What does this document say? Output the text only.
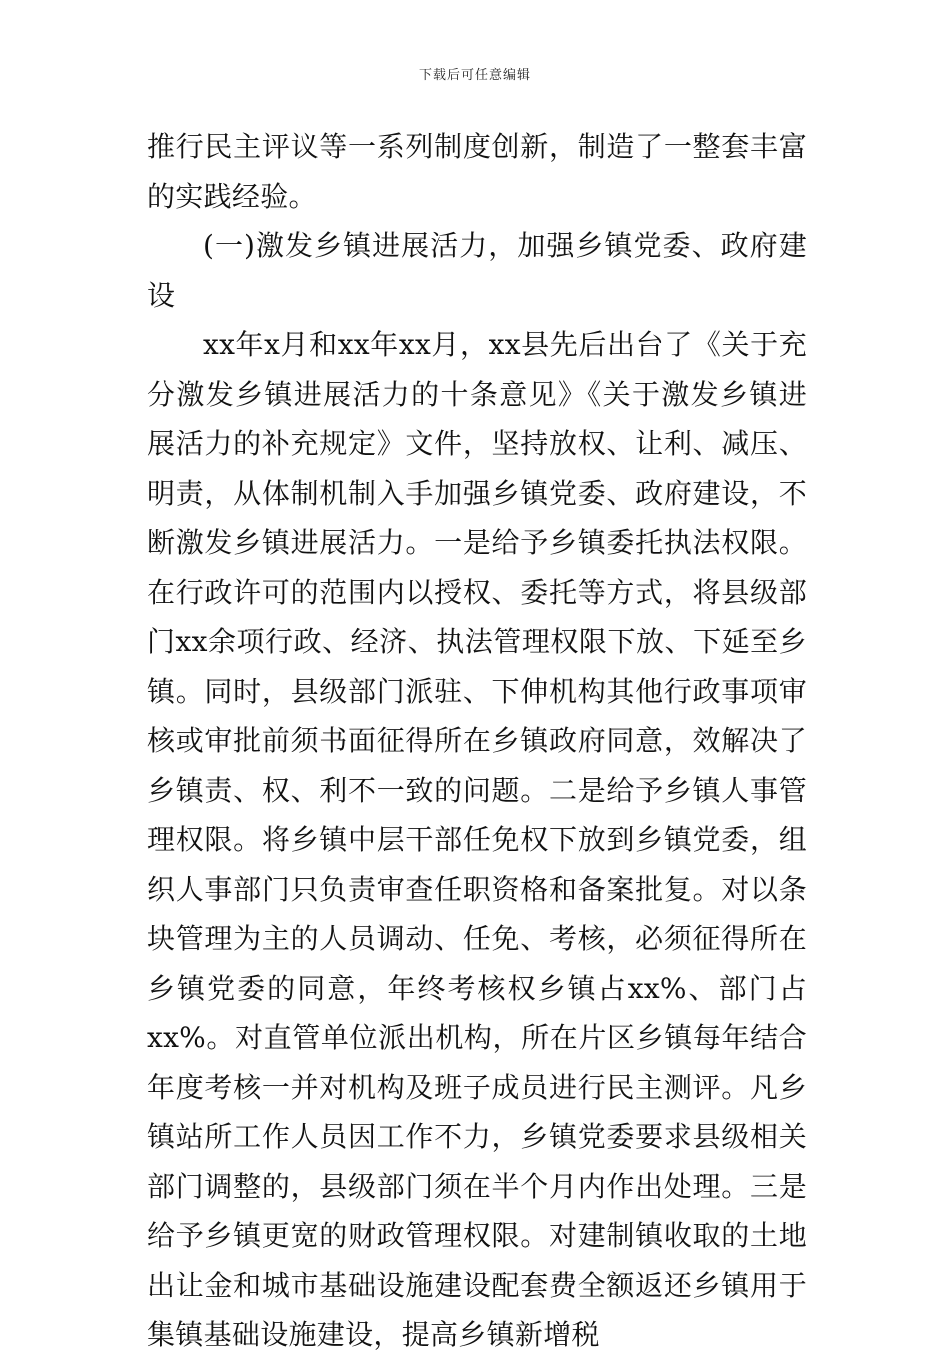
下载后可任意编辑

推行民主评议等一系列制度创新，制造了一整套丰富的实践经验。

(一)激发乡镇进展活力，加强乡镇党委、政府建设

xx年x月和xx年xx月，xx县先后出台了《关于充分激发乡镇进展活力的十条意见》《关于激发乡镇进展活力的补充规定》文件，坚持放权、让利、减压、明责，从体制机制入手加强乡镇党委、政府建设，不断激发乡镇进展活力。一是给予乡镇委托执法权限。在行政许可的范围内以授权、委托等方式，将县级部门xx余项行政、经济、执法管理权限下放、下延至乡镇。同时，县级部门派驻、下伸机构其他行政事项审核或审批前须书面征得所在乡镇政府同意，效解决了乡镇责、权、利不一致的问题。二是给予乡镇人事管理权限。将乡镇中层干部任免权下放到乡镇党委，组织人事部门只负责审查任职资格和备案批复。对以条块管理为主的人员调动、任免、考核，必须征得所在乡镇党委的同意，年终考核权乡镇占xx%、部门占xx%。对直管单位派出机构，所在片区乡镇每年结合年度考核一并对机构及班子成员进行民主测评。凡乡镇站所工作人员因工作不力，乡镇党委要求县级相关部门调整的，县级部门须在半个月内作出处理。三是给予乡镇更宽的财政管理权限。对建制镇收取的土地出让金和城市基础设施建设配套费全额返还乡镇用于集镇基础设施建设，提高乡镇新增税
